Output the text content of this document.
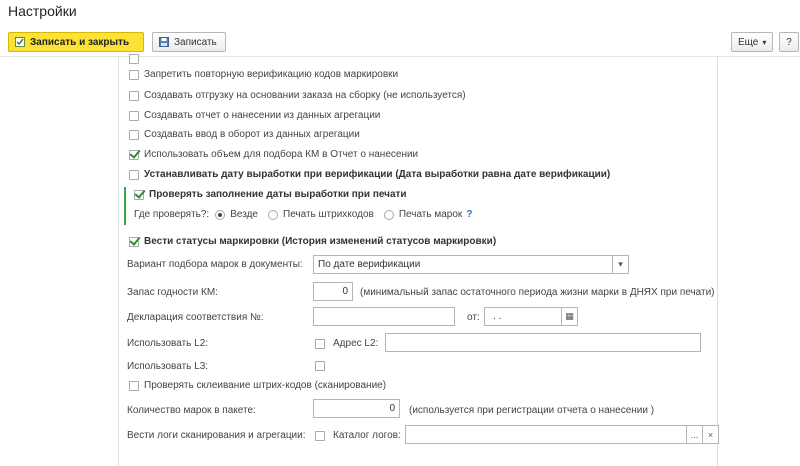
Настройки
Записать и закрыть	Записать	Еще ▾ ?
Запретить повторную верификацию кодов маркировки
Создавать отгрузку на основании заказа на сборку (не используется)
Создавать отчет о нанесении из данных агрегации
Создавать ввод в оборот из данных агрегации
Использовать объем для подбора КМ в Отчет о нанесении
Устанавливать дату выработки при верификации (Дата выработки равна дате верификации)
Проверять заполнение даты выработки при печати
Где проверять?: Везде	Печать штрихкодов	Печать марок ?
Вести статусы маркировки (История изменений статусов маркировки)
Вариант подбора марок в документы:	По дате верификации	▾
Запас годности КМ:	0	(минимальный запас остаточного периода жизни марки в ДНЯХ при печати)
Декларация соответствия №:	от:	. .	▦
Использовать L2:	Адрес L2:
Использовать L3:
Проверять склеивание штрих-кодов (сканирование)
Количество марок в пакете:	0	(используется при регистрации отчета о нанесении )
Вести логи сканирования и агрегации:	Каталог логов:	...	×
